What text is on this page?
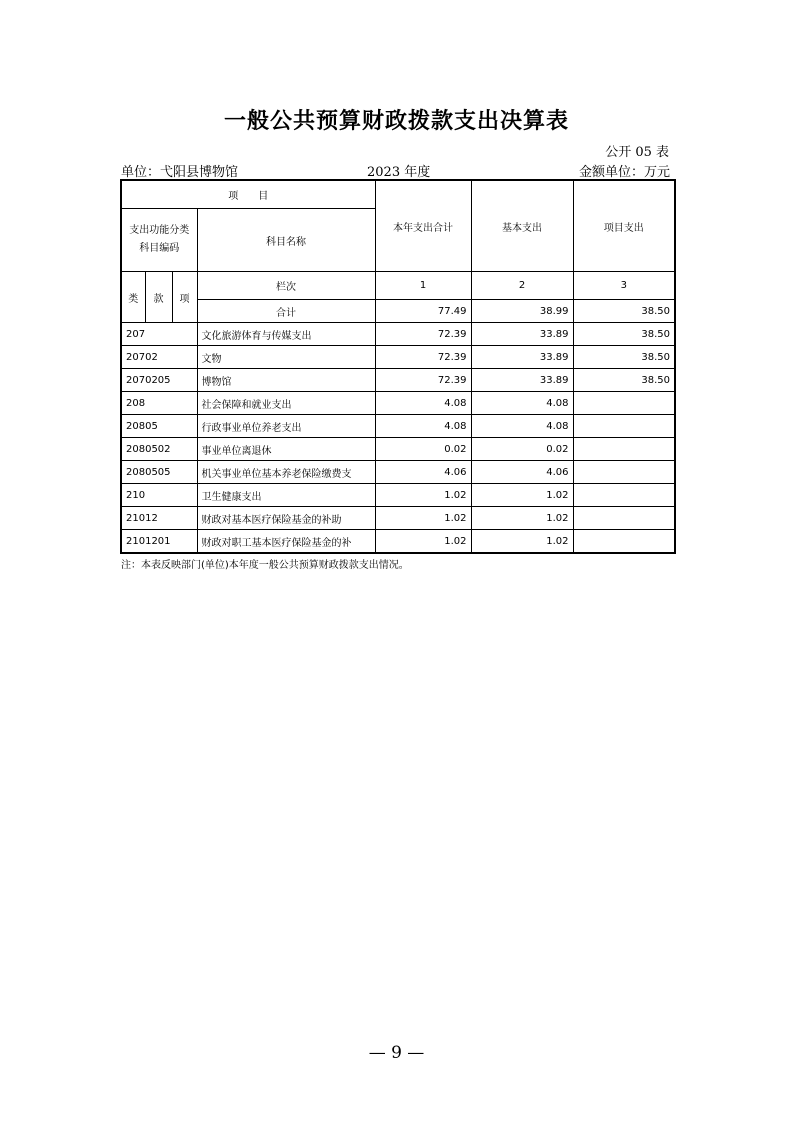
一般公共预算财政拨款支出决算表
公开 05 表
单位：弋阳县博物馆	2023 年度	金额单位：万元
项　　目				本年支出合计	基本支出	项目支出
支出功能分类科目编码			科目名称			
类	款	项	栏次	1	2	3
			合计	77.49	38.99	38.50
207			文化旅游体育与传媒支出	72.39	33.89	38.50
20702			文物	72.39	33.89	38.50
2070205			博物馆	72.39	33.89	38.50
208			社会保障和就业支出	4.08	4.08	
20805			行政事业单位养老支出	4.08	4.08	
2080502			事业单位离退休	0.02	0.02	
2080505			机关事业单位基本养老保险缴费支	4.06	4.06	
210			卫生健康支出	1.02	1.02	
21012			财政对基本医疗保险基金的补助	1.02	1.02	
2101201			财政对职工基本医疗保险基金的补	1.02	1.02	
注：本表反映部门(单位)本年度一般公共预算财政拨款支出情况。
— 9 —
